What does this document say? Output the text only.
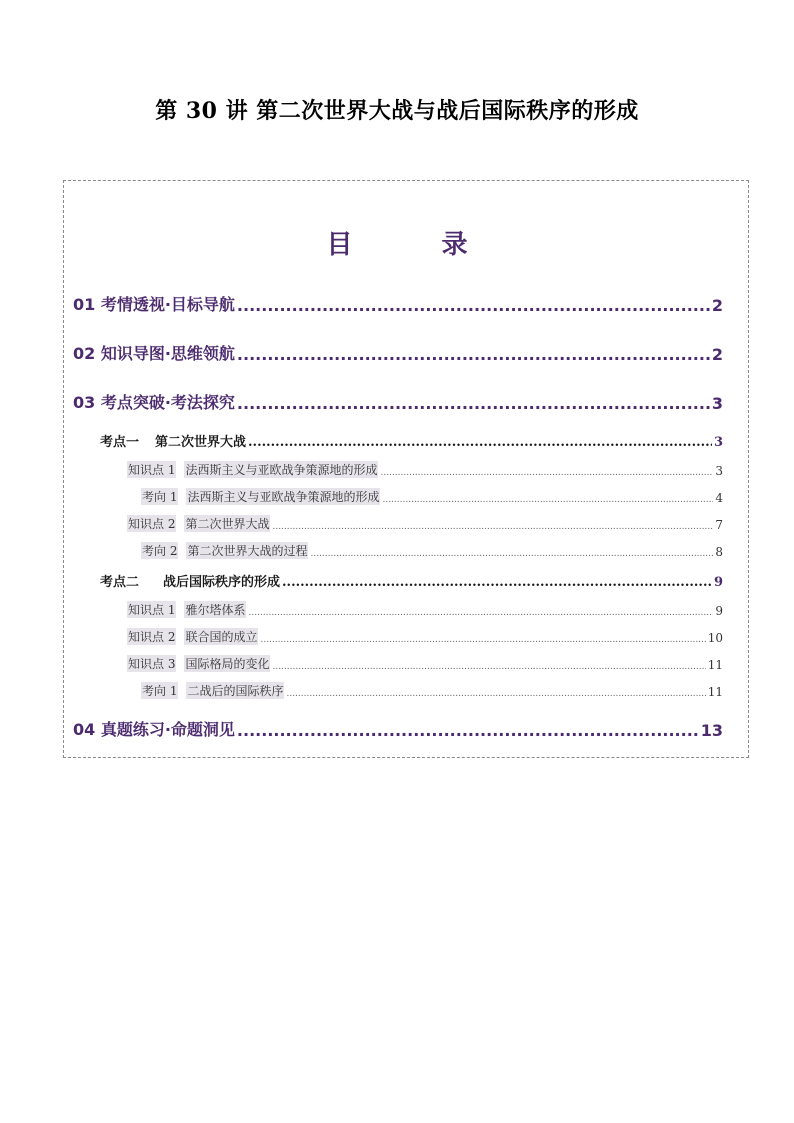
第 30 讲 第二次世界大战与战后国际秩序的形成
目 录
01 考情透视·目标导航 .....	2
02 知识导图·思维领航 .....	2
03 考点突破·考法探究 .....	3
考点一 第二次世界大战 .....	3
知识点 1 法西斯主义与亚欧战争策源地的形成 .....	3
考向 1 法西斯主义与亚欧战争策源地的形成 .....	4
知识点 2 第二次世界大战 .....	7
考向 2 第二次世界大战的过程 .....	8
考点二 战后国际秩序的形成 .....	9
知识点 1 雅尔塔体系 .....	9
知识点 2 联合国的成立 .....	10
知识点 3 国际格局的变化 .....	11
考向 1 二战后的国际秩序 .....	11
04 真题练习·命题洞见 .....	13
